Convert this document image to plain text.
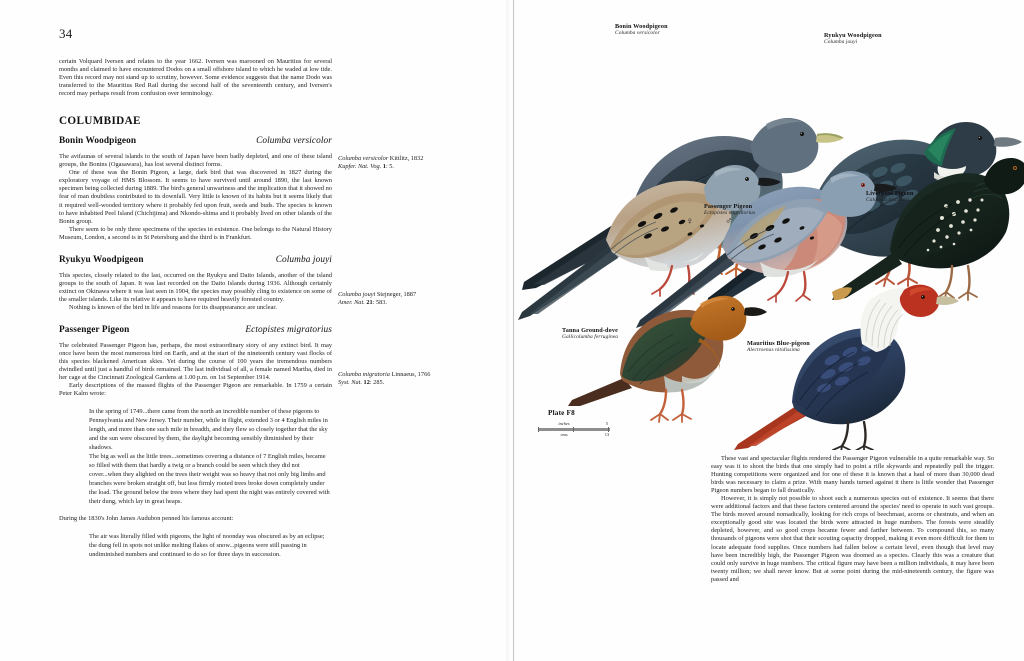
34

certain Volquard Iversen and relates to the year 1662. Iversen was marooned on Mauritius for several months and claimed to have encountered Dodos on a small offshore island to which he waded at low tide. Even this record may not stand up to scrutiny, however. Some evidence suggests that the name Dodo was transferred to the Mauritius Red Rail during the second half of the seventeenth century, and Iversen's record may perhaps result from confusion over terminology.

COLUMBIDAE
Bonin Woodpigeon	Columba versicolor

The avifaunas of several islands to the south of Japan have been badly depleted, and one of these island groups, the Bonins (Ogasawara), has lost several distinct forms.

One of these was the Bonin Pigeon, a large, dark bird that was discovered in 1827 during the exploratory voyage of HMS Blossom. It seems to have survived until around 1890, the last known specimen being collected during 1889. The bird's general unwariness and the implication that it showed no fear of man doubtless contributed to its downfall. Very little is known of its habits but it seems likely that it required well-wooded territory where it probably fed upon fruit, seeds and buds. The species is known to have inhabited Peel Island (Chichijima) and Nkondo-shima and it probably lived on other islands of the Bonin group.

There seem to be only three specimens of the species in existence. One belongs to the Natural History Museum, London, a second is in St Petersburg and the third is in Frankfurt.

Ryukyu Woodpigeon	Columba jouyi

This species, closely related to the last, occurred on the Ryukyu and Daito Islands, another of the island groups to the south of Japan. It was last recorded on the Daito Islands during 1936. Although certainly extinct on Okinawa where it was last seen in 1904, the species may possibly cling to existence on some of the smaller islands. Like its relative it appears to have required heavily forested country.

Nothing is known of the bird in life and reasons for its disappearance are unclear.

Passenger Pigeon	Ectopistes migratorius

The celebrated Passenger Pigeon has, perhaps, the most extraordinary story of any extinct bird. It may once have been the most numerous bird on Earth, and at the start of the nineteenth century vast flocks of this species blackened American skies. Yet during the course of 100 years the tremendous numbers dwindled until just a handful of birds remained. The last individual of all, a female named Martha, died in her cage at the Cincinnati Zoological Gardens at 1.00 p.m. on 1st September 1914.

Early descriptions of the massed flights of the Passenger Pigeon are remarkable. In 1759 a certain Peter Kalm wrote:

In the spring of 1749...there came from the north an incredible number of these pigeons to Pennsylvania and New Jersey. Their number, while in flight, extended 3 or 4 English miles in length, and more than one such mile in breadth, and they flew so closely together that the sky and the sun were obscured by them, the daylight becoming sensibly diminished by their shadows.

The big as well as the little trees...sometimes covering a distance of 7 English miles, became so filled with them that hardly a twig or a branch could be seen which they did not cover...when they alighted on the trees their weight was so heavy that not only big limbs and branches were broken straight off, but less firmly rooted trees broke down completely under the load. The ground below the trees where they had spent the night was entirely covered with their dung, which lay in great heaps.

During the 1830's John James Audubon penned his famous account:

The air was literally filled with pigeons, the light of noonday was obscured as by an eclipse; the dung fell in spots not unlike melting flakes of snow...pigeons were still passing in undiminished numbers and continued to do so for three days in succession.

Columba versicolor Kittlitz, 1832
Kupfer. Nat. Vog. 1: 5.
Columba jouyi Stejneger, 1887
Amer. Nat. 21: 583.
Columba migratoria Linnaeus, 1766
Syst. Nat. 12: 285.
Bonin Woodpigeon
Columba versicolor	Ryukyu Woodpigeon
Columba jouyi
Passenger Pigeon
Ectopistes migratorius
♀	♂
Liverpool Pigeon
Caloenas maculata
Tanna Ground-dove
Gallicolumba ferruginea
Mauritius Blue-pigeon
Alectroenas nitidissima
Plate F8
inches	5
cms	13

These vast and spectacular flights rendered the Passenger Pigeon vulnerable in a quite remarkable way. So easy was it to shoot the birds that one simply had to point a rifle skywards and repeatedly pull the trigger. Hunting competitions were organized and for one of these it is known that a haul of more than 30,000 dead birds was necessary to claim a prize. With many hands turned against it there is little wonder that Passenger Pigeon numbers began to fall drastically.

However, it is simply not possible to shoot such a numerous species out of existence. It seems that there were additional factors and that these factors centered around the species' need to operate in such vast groups. The birds moved around nomadically, looking for rich crops of beechmast, acorns or chestnuts, and when an exceptionally good site was located the birds were attracted in huge numbers. The forests were steadily depleted, however, and so good crops became fewer and farther between. To compound this, so many thousands of pigeons were shot that their scouting capacity dropped, making it even more difficult for them to locate adequate food supplies. Once numbers had fallen below a certain level, even though that level may have been incredibly high, the Passenger Pigeon was doomed as a species. Clearly this was a creature that could only survive in huge numbers. The critical figure may have been a million individuals, it may have been twenty million; we shall never know. But at some point during the mid-nineteenth century, the figure was passed and
